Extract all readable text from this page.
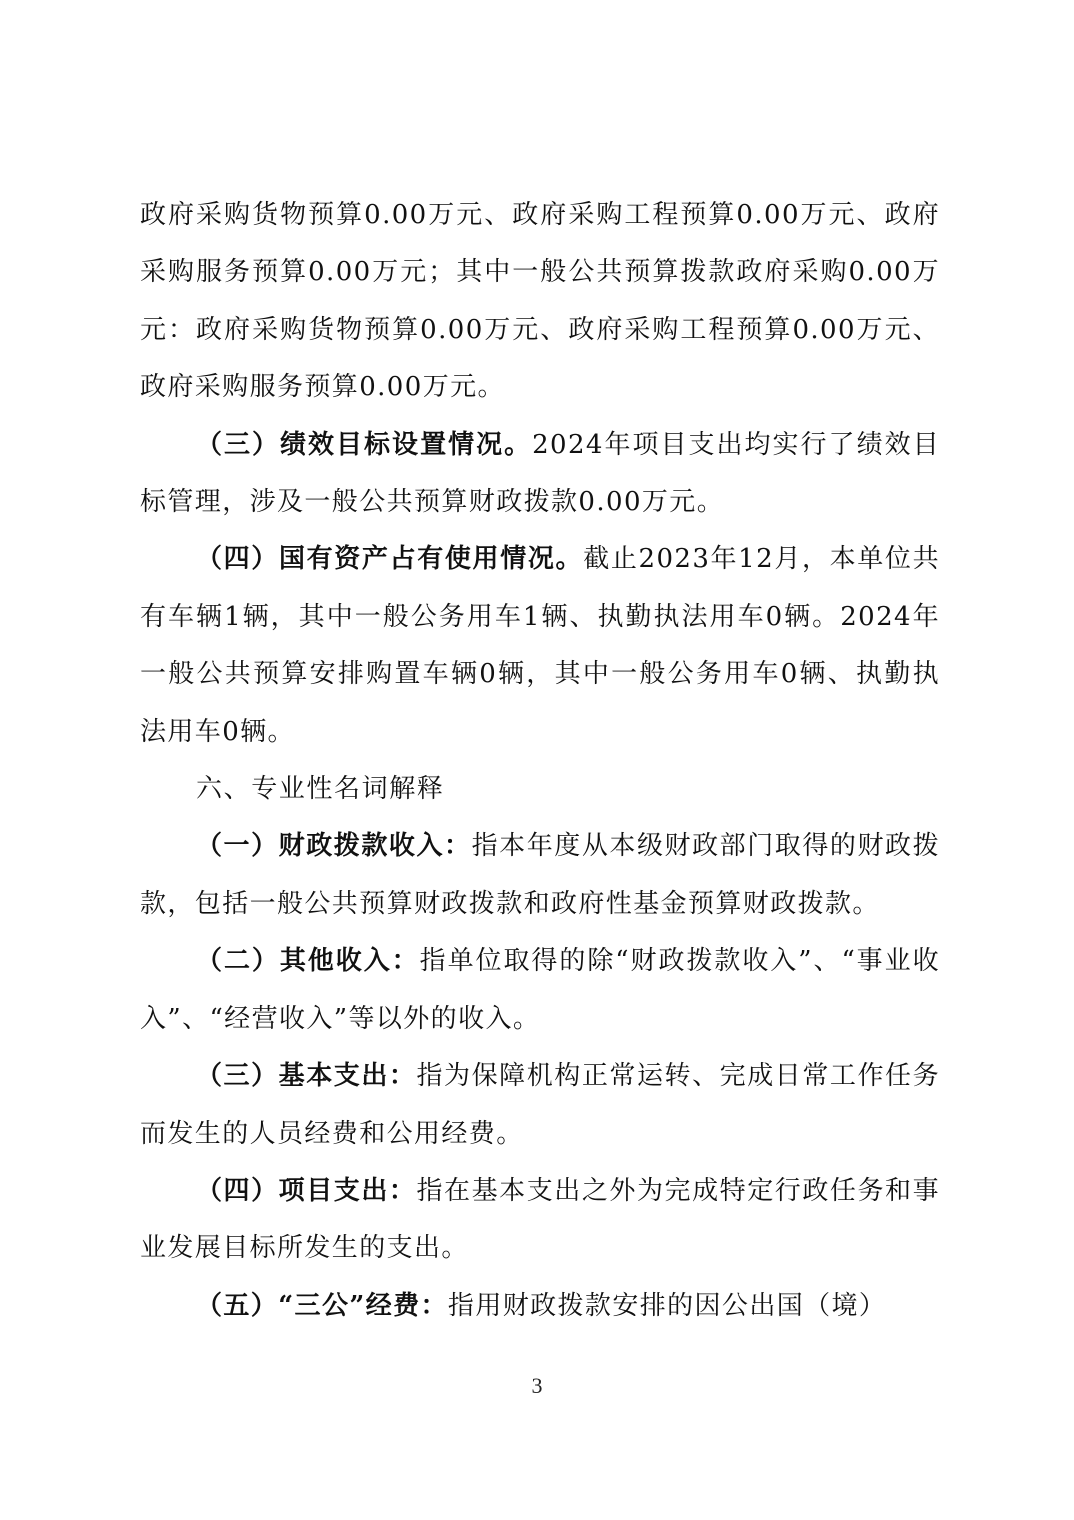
政府采购货物预算0.00万元、政府采购工程预算0.00万元、政府采购服务预算0.00万元；其中一般公共预算拨款政府采购0.00万元：政府采购货物预算0.00万元、政府采购工程预算0.00万元、政府采购服务预算0.00万元。

（三）绩效目标设置情况。2024年项目支出均实行了绩效目标管理，涉及一般公共预算财政拨款0.00万元。

（四）国有资产占有使用情况。截止2023年12月，本单位共有车辆1辆，其中一般公务用车1辆、执勤执法用车0辆。2024年一般公共预算安排购置车辆0辆，其中一般公务用车0辆、执勤执法用车0辆。

六、专业性名词解释

（一）财政拨款收入：指本年度从本级财政部门取得的财政拨款，包括一般公共预算财政拨款和政府性基金预算财政拨款。

（二）其他收入：指单位取得的除“财政拨款收入”、“事业收入”、“经营收入”等以外的收入。

（三）基本支出：指为保障机构正常运转、完成日常工作任务而发生的人员经费和公用经费。

（四）项目支出：指在基本支出之外为完成特定行政任务和事业发展目标所发生的支出。

（五）“三公”经费：指用财政拨款安排的因公出国（境）

3
